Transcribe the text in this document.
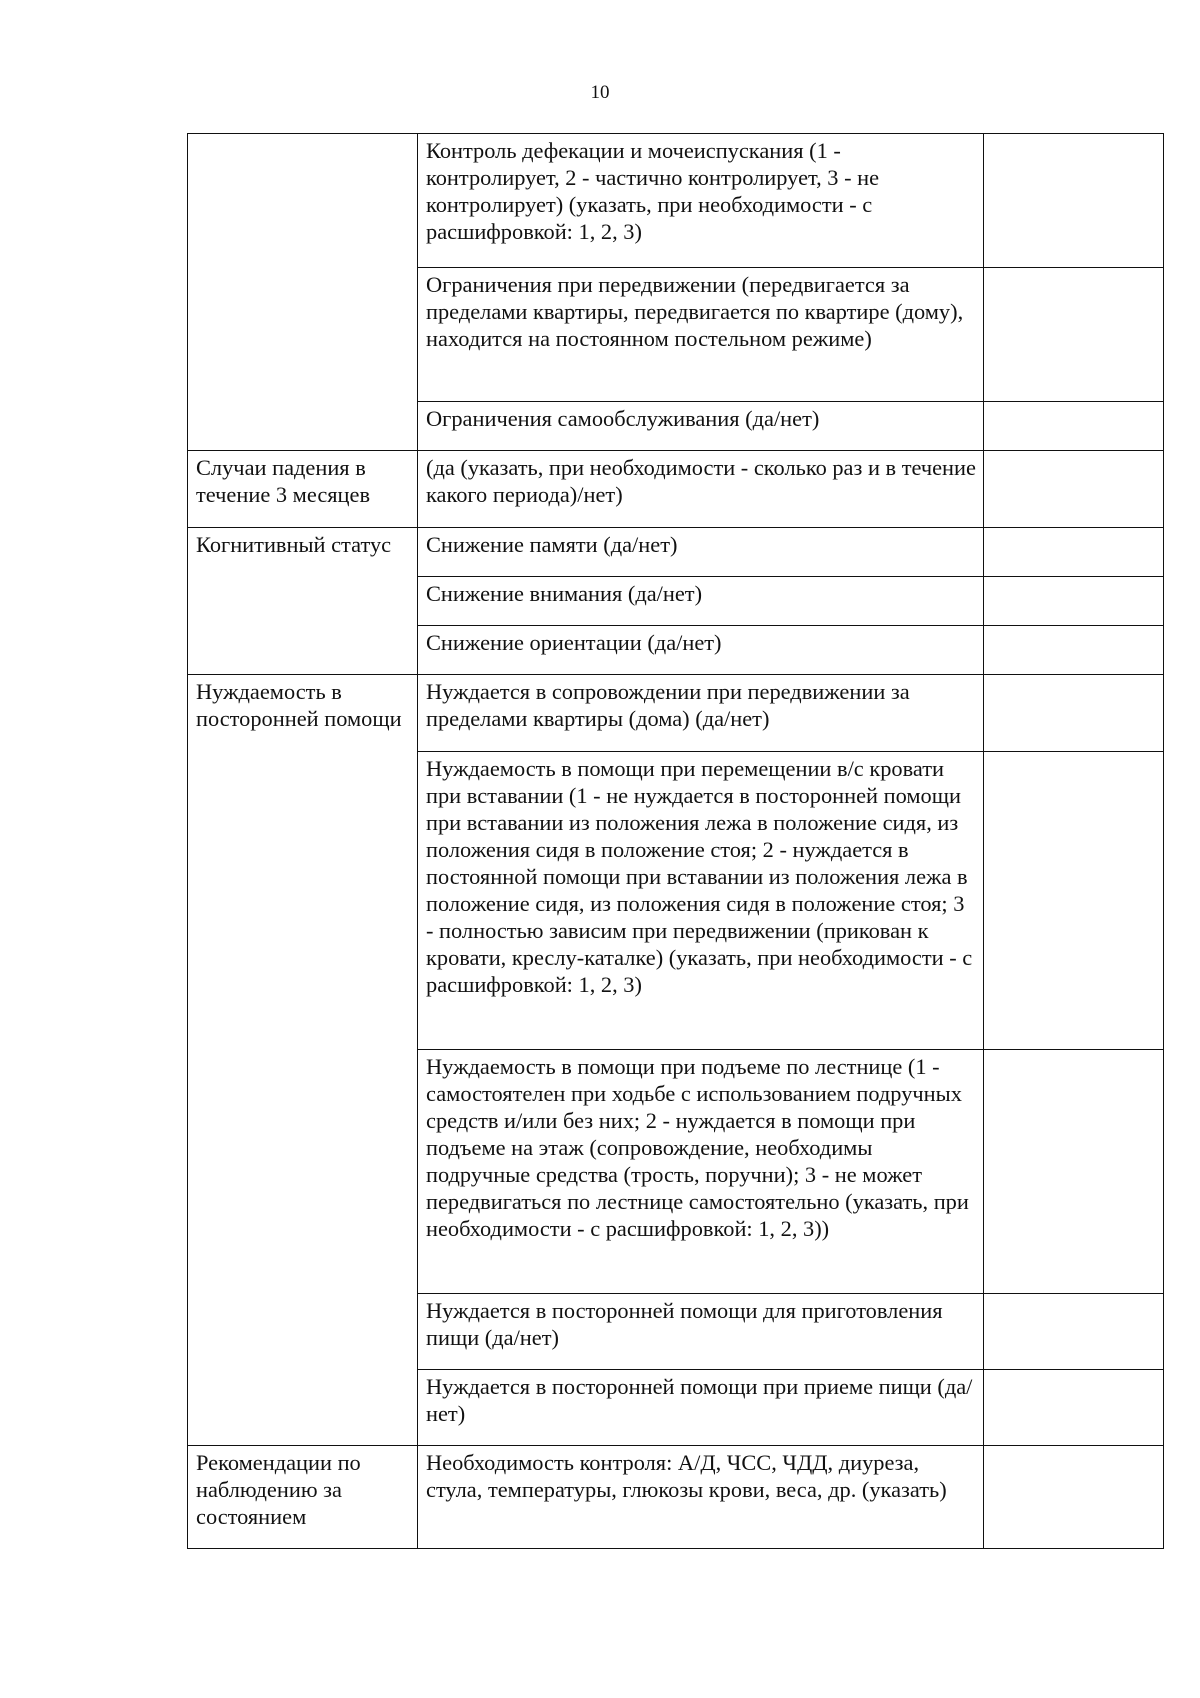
10
	Контроль дефекации и мочеиспускания (1 - контролирует, 2 - частично контролирует, 3 - не контролирует) (указать, при необходимости - с расшифровкой: 1, 2, 3)	
	Ограничения при передвижении (передвигается за пределами квартиры, передвигается по квартире (дому), находится на постоянном постельном режиме)	
	Ограничения самообслуживания (да/нет)	
Случаи падения в течение 3 месяцев	(да (указать, при необходимости - сколько раз и в течение какого периода)/нет)	
Когнитивный статус	Снижение памяти (да/нет)	
	Снижение внимания (да/нет)	
	Снижение ориентации (да/нет)	
Нуждаемость в посторонней помощи	Нуждается в сопровождении при передвижении за пределами квартиры (дома) (да/нет)	
	Нуждаемость в помощи при перемещении в/с кровати при вставании (1 - не нуждается в посторонней помощи при вставании из положения лежа в положение сидя, из положения сидя в положение стоя; 2 - нуждается в постоянной помощи при вставании из положения лежа в положение сидя, из положения сидя в положение стоя; 3 - полностью зависим при передвижении (прикован к кровати, креслу-каталке) (указать, при необходимости - с расшифровкой: 1, 2, 3)	
	Нуждаемость в помощи при подъеме по лестнице (1 - самостоятелен при ходьбе с использованием подручных средств и/или без них; 2 - нуждается в помощи при подъеме на этаж (сопровождение, необходимы подручные средства (трость, поручни); 3 - не может передвигаться по лестнице самостоятельно (указать, при необходимости - с расшифровкой: 1, 2, 3))	
	Нуждается в посторонней помощи для приготовления пищи (да/нет)	
	Нуждается в посторонней помощи при приеме пищи (да/нет)	
Рекомендации по наблюдению за состоянием	Необходимость контроля: А/Д, ЧСС, ЧДД, диуреза, стула, температуры, глюкозы крови, веса, др. (указать)	
